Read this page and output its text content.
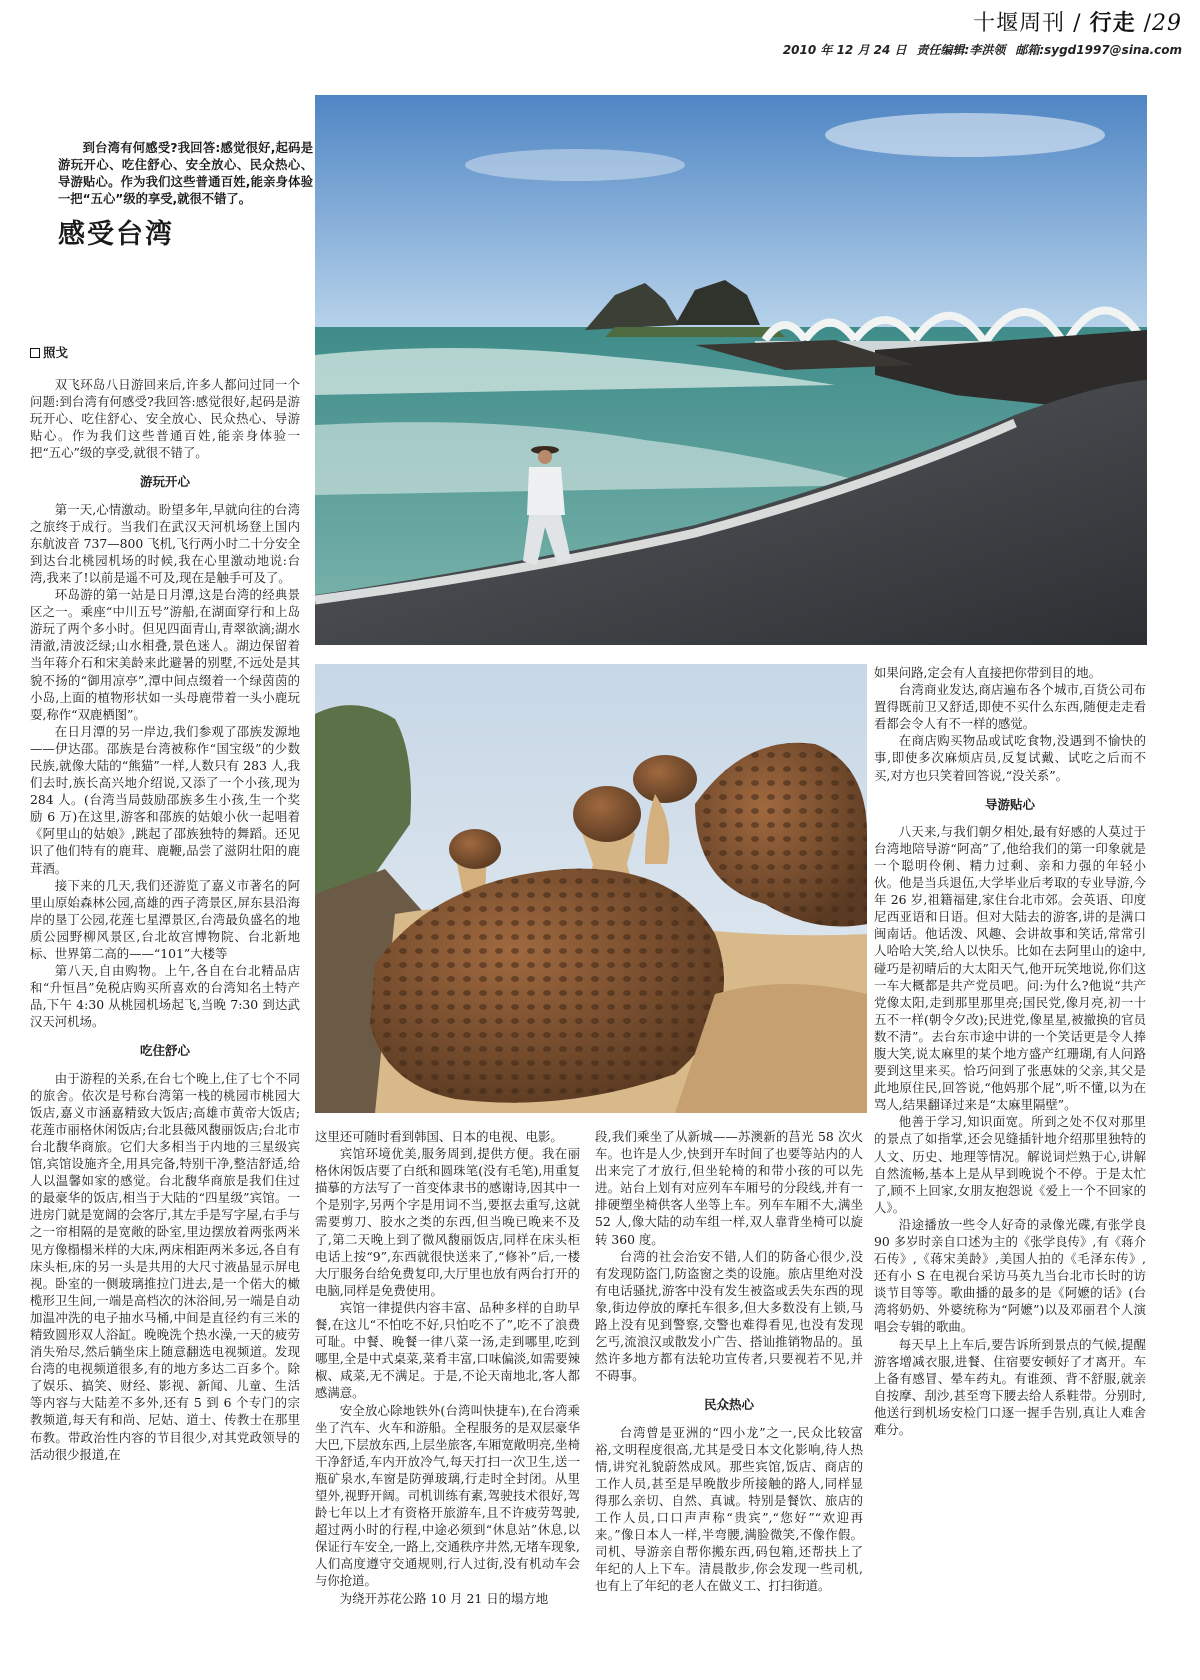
十堰周刊 / 行走 /29
2010 年 12 月 24 日 责任编辑:李洪领 邮箱:sygd1997@sina.com
到台湾有何感受?我回答:感觉很好,起码是游玩开心、吃住舒心、安全放心、民众热心、导游贴心。作为我们这些普通百姓,能亲身体验一把“五心”级的享受,就很不错了。
感受台湾
照戈

双飞环岛八日游回来后,许多人都问过同一个问题:到台湾有何感受?我回答:感觉很好,起码是游玩开心、吃住舒心、安全放心、民众热心、导游贴心。作为我们这些普通百姓,能亲身体验一把“五心”级的享受,就很不错了。

游玩开心

第一天,心情激动。盼望多年,早就向往的台湾之旅终于成行。当我们在武汉天河机场登上国内东航波音 737—800 飞机,飞行两小时二十分安全到达台北桃园机场的时候,我在心里激动地说:台湾,我来了!以前是遥不可及,现在是触手可及了。

环岛游的第一站是日月潭,这是台湾的经典景区之一。乘座“中川五号”游船,在湖面穿行和上岛游玩了两个多小时。但见四面青山,青翠欲滴;湖水清澈,清波泛绿;山水相叠,景色迷人。湖边保留着当年蒋介石和宋美龄来此避暑的别墅,不远处是其貌不扬的“御用凉亭”,潭中间点缀着一个绿茵茵的小岛,上面的植物形状如一头母鹿带着一头小鹿玩耍,称作“双鹿栖图”。

在日月潭的另一岸边,我们参观了邵族发源地——伊达邵。邵族是台湾被称作“国宝级”的少数民族,就像大陆的“熊猫”一样,人数只有 283 人,我们去时,族长高兴地介绍说,又添了一个小孩,现为 284 人。(台湾当局鼓励邵族多生小孩,生一个奖励 6 万)在这里,游客和邵族的姑娘小伙一起唱着《阿里山的姑娘》,跳起了邵族独特的舞蹈。还见识了他们特有的鹿茸、鹿鞭,品尝了滋阴壮阳的鹿茸酒。

接下来的几天,我们还游览了嘉义市著名的阿里山原始森林公园,高雄的西子湾景区,屏东县沿海岸的垦丁公园,花莲七星潭景区,台湾最负盛名的地质公园野柳风景区,台北故宫博物院、台北新地标、世界第二高的——“101”大楼等

第八天,自由购物。上午,各自在台北精品店和“升恒昌”免税店购买所喜欢的台湾知名土特产品,下午 4:30 从桃园机场起飞,当晚 7:30 到达武汉天河机场。

吃住舒心

由于游程的关系,在台七个晚上,住了七个不同的旅舍。依次是号称台湾第一栈的桃园市桃园大饭店,嘉义市涵嘉精致大饭店;高雄市黄帝大饭店;花莲市丽格休闲饭店;台北县薇风馥丽饭店;台北市台北馥华商旅。它们大多相当于内地的三星级宾馆,宾馆设施齐全,用具完备,特别干净,整洁舒适,给人以温馨如家的感觉。台北馥华商旅是我们住过的最豪华的饭店,相当于大陆的“四星级”宾馆。一进房门就是宽阔的会客厅,其左手是写字屋,右手与之一帘相隔的是宽敞的卧室,里边摆放着两张两米见方像榻榻米样的大床,两床相距两米多远,各自有床头柜,床的另一头是共用的大尺寸液晶显示屏电视。卧室的一侧玻璃推拉门进去,是一个偌大的橄榄形卫生间,一端是高档次的沐浴间,另一端是自动加温冲洗的电子抽水马桶,中间是直径约有三米的精致圆形双人浴缸。晚晚洗个热水澡,一天的疲劳消失殆尽,然后躺坐床上随意翻选电视频道。发现台湾的电视频道很多,有的地方多达二百多个。除了娱乐、搞笑、财经、影视、新闻、儿童、生活等内容与大陆差不多外,还有 5 到 6 个专门的宗教频道,每天有和尚、尼姑、道士、传教士在那里布教。带政治性内容的节目很少,对其党政领导的活动很少报道,在

这里还可随时看到韩国、日本的电视、电影。

宾馆环境优美,服务周到,提供方便。我在丽格休闲饭店要了白纸和圆珠笔(没有毛笔),用重复描摹的方法写了一首变体隶书的感谢诗,因其中一个是别字,另两个字是用词不当,要抠去重写,这就需要剪刀、胶水之类的东西,但当晚已晚来不及了,第二天晚上到了微风馥丽饭店,同样在床头柜电话上按“9”,东西就很快送来了,“修补”后,一楼大厅服务台给免费复印,大厅里也放有两台打开的电脑,同样是免费使用。

宾馆一律提供内容丰富、品种多样的自助早餐,在这儿“不怕吃不好,只怕吃不了”,吃不了浪费可耻。中餐、晚餐一律八菜一汤,走到哪里,吃到哪里,全是中式桌菜,菜肴丰富,口味偏淡,如需要辣椒、咸菜,无不满足。于是,不论天南地北,客人都感满意。

安全放心除地铁外(台湾叫快捷车),在台湾乘坐了汽车、火车和游船。全程服务的是双层豪华大巴,下层放东西,上层坐旅客,车厢宽敞明亮,坐椅干净舒适,车内开放冷气,每天打扫一次卫生,送一瓶矿泉水,车窗是防弹玻璃,行走时全封闭。从里望外,视野开阔。司机训练有素,驾驶技术很好,驾龄七年以上才有资格开旅游车,且不许疲劳驾驶,超过两小时的行程,中途必须到“休息站”休息,以保证行车安全,一路上,交通秩序井然,无堵车现象,人们高度遵守交通规则,行人过街,没有机动车会与你抢道。

为绕开苏花公路 10 月 21 日的塌方地

段,我们乘坐了从新城——苏澳新的莒光 58 次火车。也许是人少,快到开车时间了也要等站内的人出来完了才放行,但坐轮椅的和带小孩的可以先进。站台上划有对应列车车厢号的分段线,并有一排硬塑坐椅供客人坐等上车。列车车厢不大,满坐 52 人,像大陆的动车组一样,双人靠背坐椅可以旋转 360 度。

台湾的社会治安不错,人们的防备心很少,没有发现防盗门,防盗窗之类的设施。旅店里绝对没有电话骚扰,游客中没有发生被盗或丢失东西的现象,街边停放的摩托车很多,但大多数没有上锁,马路上没有见到警察,交警也难得看见,也没有发现乞丐,流浪汉或散发小广告、搭讪推销物品的。虽然许多地方都有法轮功宣传者,只要视若不见,并不碍事。

民众热心

台湾曾是亚洲的“四小龙”之一,民众比较富裕,文明程度很高,尤其是受日本文化影响,待人热情,讲究礼貌蔚然成风。那些宾馆,饭店、商店的工作人员,甚至是早晚散步所接触的路人,同样显得那么亲切、自然、真诚。特别是餐饮、旅店的工作人员,口口声声称“贵宾”,“您好”“欢迎再来。”像日本人一样,半弯腰,满脸微笑,不像作假。司机、导游亲自帮你搬东西,码包箱,还帮扶上了年纪的人上下车。清晨散步,你会发现一些司机,也有上了年纪的老人在做义工、打扫街道。

如果问路,定会有人直接把你带到目的地。

台湾商业发达,商店遍布各个城市,百货公司布置得既前卫又舒适,即使不买什么东西,随便走走看看都会令人有不一样的感觉。

在商店购买物品或试吃食物,没遇到不愉快的事,即使多次麻烦店员,反复试戴、试吃之后而不买,对方也只笑着回答说,“没关系”。

导游贴心

八天来,与我们朝夕相处,最有好感的人莫过于台湾地陪导游“阿高”了,他给我们的第一印象就是一个聪明伶俐、精力过剩、亲和力强的年轻小伙。他是当兵退伍,大学毕业后考取的专业导游,今年 26 岁,祖籍福建,家住台北市郊。会英语、印度尼西亚语和日语。但对大陆去的游客,讲的是满口闽南话。他话泼、风趣、会讲故事和笑话,常常引人哈哈大笑,给人以快乐。比如在去阿里山的途中,碰巧是初晴后的大太阳天气,他开玩笑地说,你们这一车大概都是共产党员吧。问:为什么?他说“共产党像太阳,走到那里那里亮;国民党,像月亮,初一十五不一样(朝令夕改);民进党,像星星,被撤换的官员数不清”。去台东市途中讲的一个笑话更是令人捧腹大笑,说太麻里的某个地方盛产红珊瑚,有人问路要到这里来买。恰巧问到了张惠妹的父亲,其父是此地原住民,回答说,“他妈那个屁”,听不懂,以为在骂人,结果翻译过来是“太麻里隔壁”。

他善于学习,知识面宽。所到之处不仅对那里的景点了如指掌,还会见缝插针地介绍那里独特的人文、历史、地理等情况。解说词烂熟于心,讲解自然流畅,基本上是从早到晚说个不停。于是太忙了,顾不上回家,女朋友抱怨说《爱上一个不回家的人》。

沿途播放一些令人好奇的录像光碟,有张学良 90 多岁时亲自口述为主的《张学良传》,有《蒋介石传》,《蒋宋美龄》,美国人拍的《毛泽东传》,还有小 S 在电视台采访马英九当台北市长时的访谈节目等等。歌曲播的最多的是《阿嬷的话》(台湾将奶奶、外婆统称为“阿嬷”)以及邓丽君个人演唱会专辑的歌曲。

每天早上上车后,要告诉所到景点的气候,提醒游客增减衣服,进餐、住宿要安顿好了才离开。车上备有感冒、晕车药丸。有谁颈、背不舒服,就亲自按摩、刮沙,甚至弯下腰去给人系鞋带。分别时,他送行到机场安检门口逐一握手告别,真让人难舍难分。
